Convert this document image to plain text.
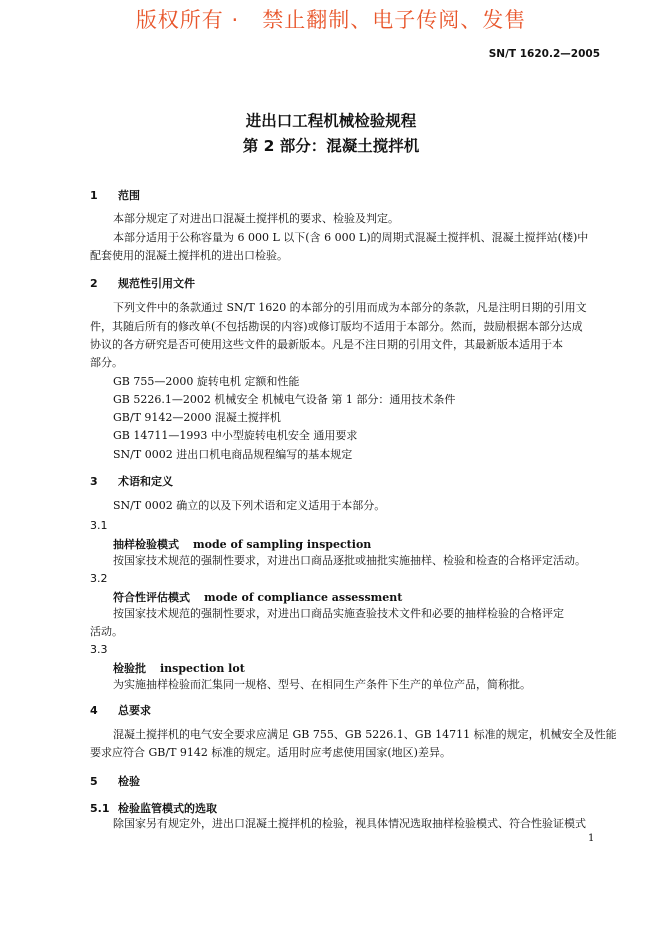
版权所有 ·   禁止翻制、电子传阅、发售
SN/T 1620.2—2005
进出口工程机械检验规程
第 2 部分：混凝土搅拌机
1 范围
本部分规定了对进出口混凝土搅拌机的要求、检验及判定。
本部分适用于公称容量为 6 000 L 以下(含 6 000 L)的周期式混凝土搅拌机、混凝土搅拌站(楼)中
配套使用的混凝土搅拌机的进出口检验。
2 规范性引用文件
下列文件中的条款通过 SN/T 1620 的本部分的引用而成为本部分的条款，凡是注明日期的引用文
件，其随后所有的修改单(不包括勘误的内容)或修订版均不适用于本部分。然而，鼓励根据本部分达成
协议的各方研究是否可使用这些文件的最新版本。凡是不注日期的引用文件，其最新版本适用于本
部分。
GB 755—2000 旋转电机 定额和性能
GB 5226.1—2002 机械安全 机械电气设备 第 1 部分：通用技术条件
GB/T 9142—2000 混凝土搅拌机
GB 14711—1993 中小型旋转电机安全 通用要求
SN/T 0002 进出口机电商品规程编写的基本规定
3 术语和定义
SN/T 0002 确立的以及下列术语和定义适用于本部分。
3.1
抽样检验模式 mode of sampling inspection
按国家技术规范的强制性要求，对进出口商品逐批或抽批实施抽样、检验和检查的合格评定活动。
3.2
符合性评估模式 mode of compliance assessment
按国家技术规范的强制性要求，对进出口商品实施查验技术文件和必要的抽样检验的合格评定
活动。
3.3
检验批 inspection lot
为实施抽样检验而汇集同一规格、型号、在相同生产条件下生产的单位产品，简称批。
4 总要求
混凝土搅拌机的电气安全要求应满足 GB 755、GB 5226.1、GB 14711 标准的规定，机械安全及性能
要求应符合 GB/T 9142 标准的规定。适用时应考虑使用国家(地区)差异。
5 检验
5.1 检验监管模式的选取
除国家另有规定外，进出口混凝土搅拌机的检验，视具体情况选取抽样检验模式、符合性验证模式
1
